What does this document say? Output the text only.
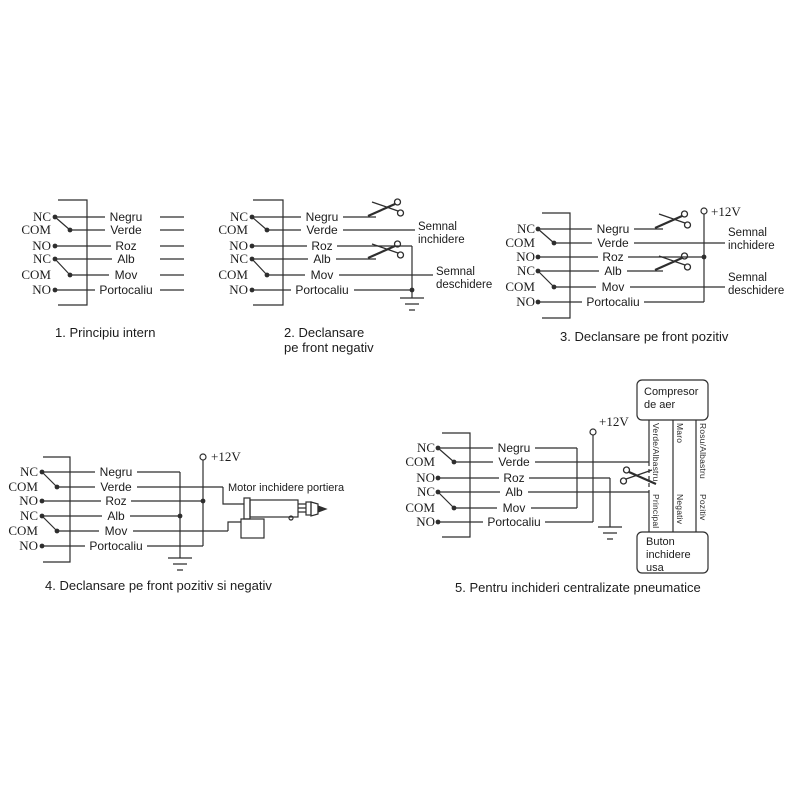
NC
COM
NO
NC
COM
NO
Negru
Verde
Roz
Alb
Mov
Portocaliu
1. Principiu intern
NC
COM
NO
NC
COM
NO
Negru
Verde
Roz
Alb
Mov
Portocaliu
Semnal inchidere
Semnal deschidere
2. Declansare
pe front negativ
NC
COM
NO
NC
COM
NO
Negru
Verde
Roz
Alb
Mov
Portocaliu
+12V
Semnal inchidere
Semnal deschidere
3. Declansare pe front pozitiv
NC
COM
NO
NC
COM
NO
Negru
Verde
Roz
Alb
Mov
Portocaliu
+12V
Motor inchidere portiera
4. Declansare pe front pozitiv si negativ
NC
COM
NO
NC
COM
NO
Negru
Verde
Roz
Alb
Mov
Portocaliu
+12V
Compresor de aer
Buton inchidere usa
Verde/Albastru Maro Rosu/Albastru
Principal Negativ Pozitiv
5. Pentru inchideri centralizate pneumatice
